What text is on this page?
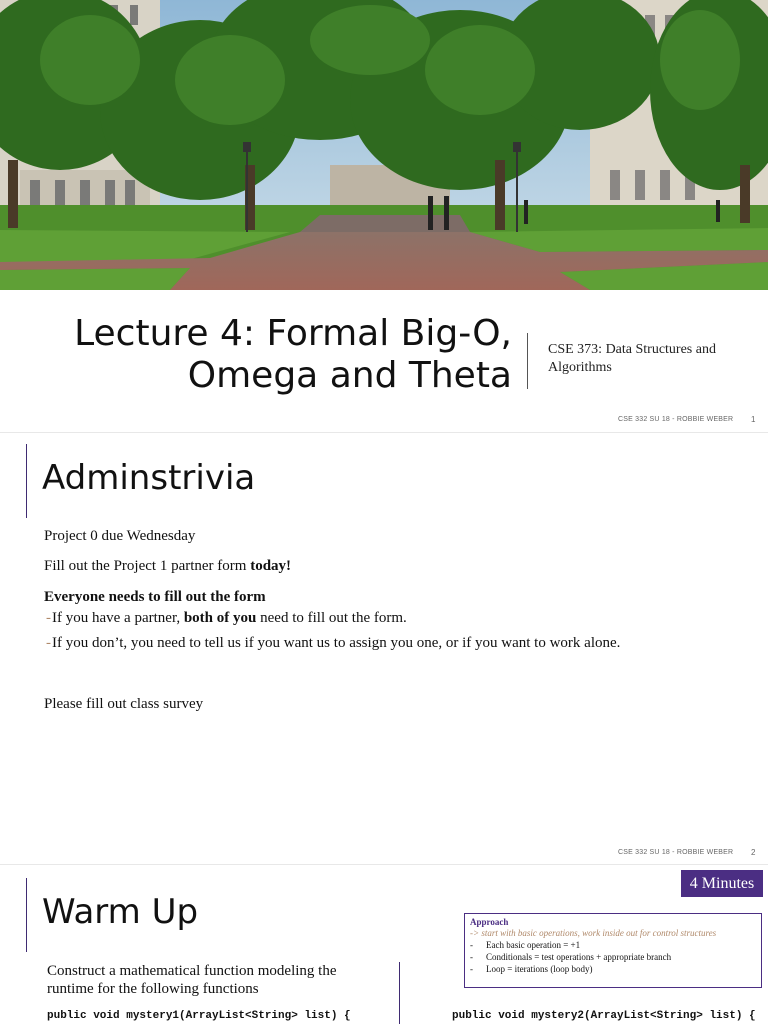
Lecture 4: Formal Big-O,
Omega and Theta
CSE 373: Data Structures and
Algorithms
CSE 332 SU 18 - ROBBIE WEBER 1
Adminstrivia
Project 0 due Wednesday
Fill out the Project 1 partner form today!
Everyone needs to fill out the form
-If you have a partner, both of you need to fill out the form.
-If you don’t, you need to tell us if you want us to assign you one, or if you want to work alone.
Please fill out class survey
CSE 332 SU 18 - ROBBIE WEBER 2
Warm Up
4 Minutes
Approach
-> start with basic operations, work inside out for control structures
- Each basic operation = +1
- Conditionals = test operations + appropriate branch
- Loop = iterations (loop body)
Construct a mathematical function modeling the
runtime for the following functions
public void mystery1(ArrayList<String> list) {	public void mystery2(ArrayList<String> list) {
